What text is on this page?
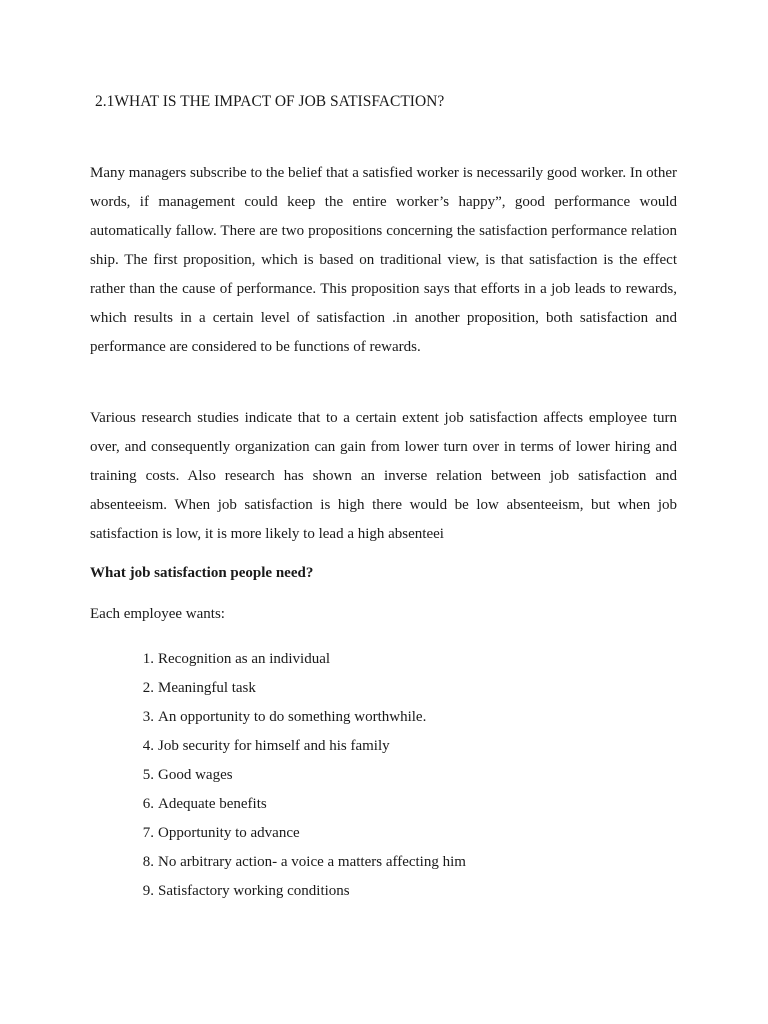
2.1WHAT IS THE IMPACT OF JOB SATISFACTION?

Many managers subscribe to the belief that a satisfied worker is necessarily good worker. In other words, if management could keep the entire worker’s happy”, good performance would automatically fallow. There are two propositions concerning the satisfaction performance relation ship. The first proposition, which is based on traditional view, is that satisfaction is the effect rather than the cause of performance. This proposition says that efforts in a job leads to rewards, which results in a certain level of satisfaction .in another proposition, both satisfaction and performance are considered to be functions of rewards.

Various research studies indicate that to a certain extent job satisfaction affects employee turn over, and consequently organization can gain from lower turn over in terms of lower hiring and training costs. Also research has shown an inverse relation between job satisfaction and absenteeism. When job satisfaction is high there would be low absenteeism, but when job satisfaction is low, it is more likely to lead a high absenteei

What job satisfaction people need?

Each employee wants:

1. Recognition as an individual
2. Meaningful task
3. An opportunity to do something worthwhile.
4. Job security for himself and his family
5. Good wages
6. Adequate benefits
7. Opportunity to advance
8. No arbitrary action- a voice a matters affecting him
9. Satisfactory working conditions
